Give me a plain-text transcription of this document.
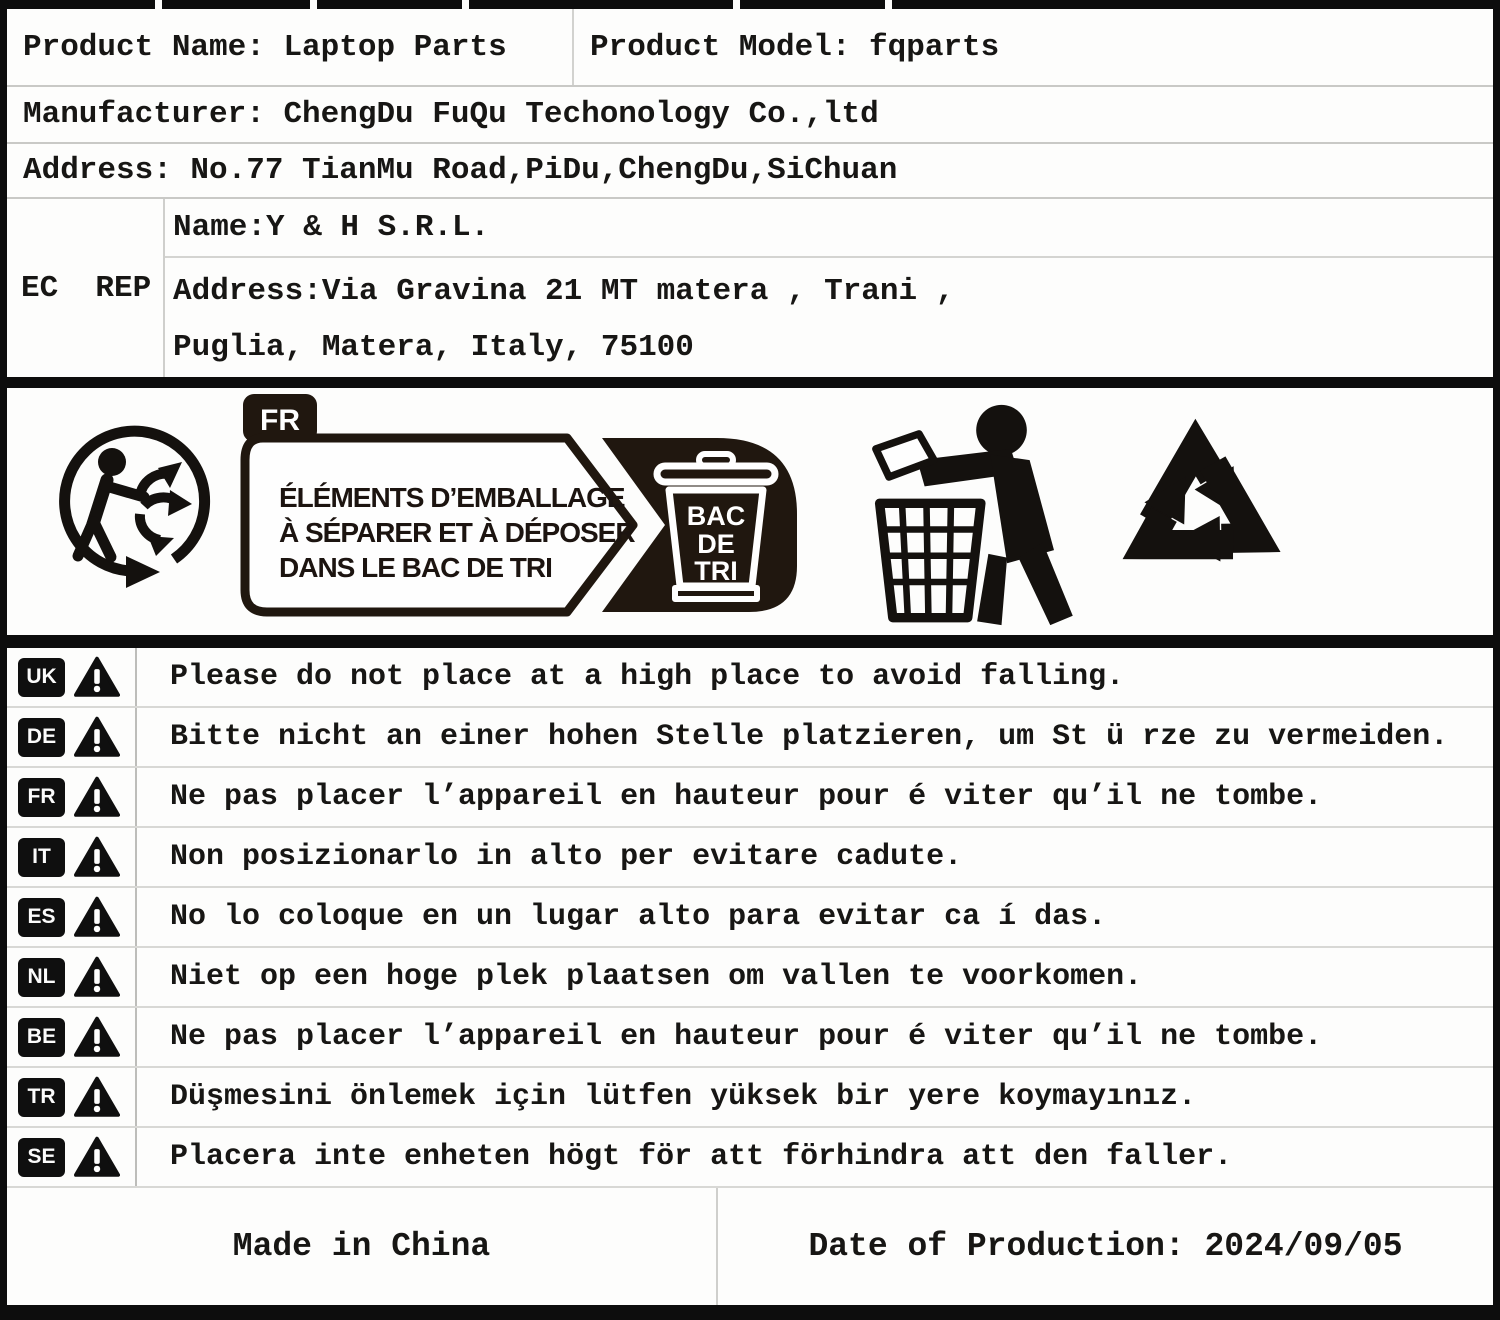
Product Name: Laptop Parts	Product Model: fqparts
Manufacturer: ChengDu FuQu Techonology Co.,ltd
Address: No.77 TianMu Road,PiDu,ChengDu,SiChuan
EC  REP
Name:Y & H S.R.L.
Address:Via Gravina 21 MT matera , Trani ,
Puglia, Matera, Italy, 75100
FR
ÉLÉMENTS D’EMBALLAGE
À SÉPARER ET À DÉPOSER
DANS LE BAC DE TRI
BAC
DE
TRI
UK	Please do not place at a high place to avoid falling.
DE	Bitte nicht an einer hohen Stelle platzieren, um St ü rze zu vermeiden.
FR	Ne pas placer l’appareil en hauteur pour é viter qu’il ne tombe.
IT	Non posizionarlo in alto per evitare cadute.
ES	No lo coloque en un lugar alto para evitar ca í das.
NL	Niet op een hoge plek plaatsen om vallen te voorkomen.
BE	Ne pas placer l’appareil en hauteur pour é viter qu’il ne tombe.
TR	Düşmesini önlemek için lütfen yüksek bir yere koymayınız.
SE	Placera inte enheten högt för att förhindra att den faller.
Made in China	Date of Production: 2024/09/05
